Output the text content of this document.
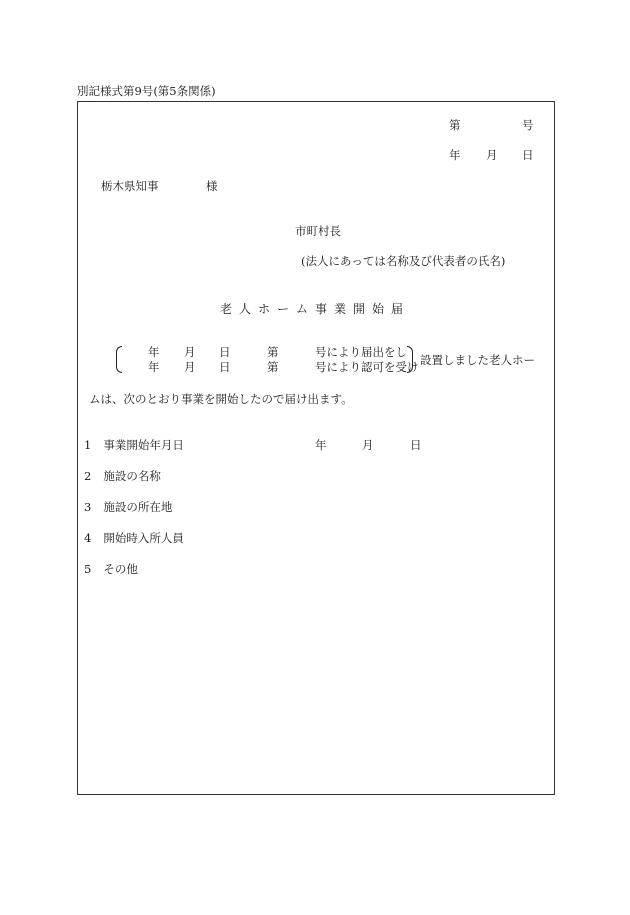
別記様式第9号(第5条関係)
第	号
年 月 日
栃木県知事	様
市町村長
(法人にあっては名称及び代表者の氏名)
老人ホーム事業開始届
年 月 日	第	号により届出をし
年 月 日	第	号により認可を受け 設置しました老人ホー
ムは、次のとおり事業を開始したので届け出ます。
1 事業開始年月日	年	月	日
2 施設の名称
3 施設の所在地
4 開始時入所人員
5 その他
